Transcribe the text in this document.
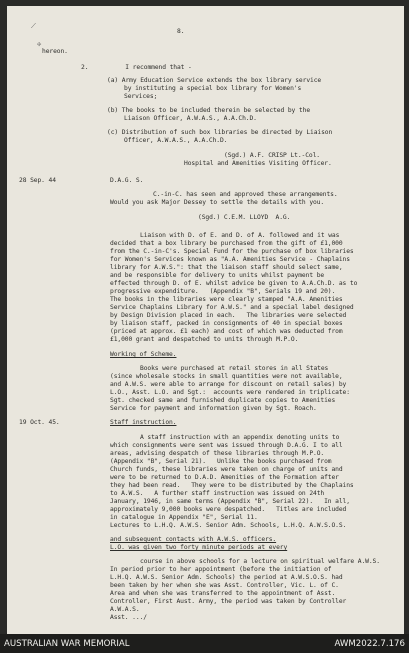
⟋
✢
8.
hereon.
2.          I recommend that -
(a) Army Education Service extends the box library service
by instituting a special box library for Women's
Services;
(b) The books to be included therein be selected by the
Liaison Officer, A.W.A.S., A.A.Ch.D.
(c) Distribution of such box libraries be directed by Liaison
Officer, A.W.A.S., A.A.Ch.D.
(Sgd.) A.F. CRISP Lt.-Col.
Hospital and Amenities Visiting Officer.
28 Sep. 44	D.A.G. S.
C.-in-C. has seen and approved these arrangements.
Would you ask Major Dessey to settle the details with you.
(Sgd.) C.E.M. LLOYD  A.G.
Liaison with D. of E. and D. of A. followed and it was
decided that a box library be purchased from the gift of £1,000
from the C.-in-C's. Special Fund for the purchase of box libraries
for Women's Services known as "A.A. Amenities Service - Chaplains
library for A.W.S.": that the liaison staff should select same,
and be responsible for delivery to units whilst payment be
effected through D. of E. whilst advice be given to A.A.Ch.D. as to
progressive expenditure.   (Appendix "B", Serials 19 and 20).
The books in the libraries were clearly stamped "A.A. Amenities
Service Chaplains Library for A.W.S." and a special label designed
by Design Division placed in each.   The libraries were selected
by liaison staff, packed in consignments of 40 in special boxes
(priced at approx. £1 each) and cost of which was deducted from
£1,000 grant and despatched to units through M.P.O.
Working of Scheme.
Books were purchased at retail stores in all States
(since wholesale stocks in small quantities were not available,
and A.W.S. were able to arrange for discount on retail sales) by
L.O., Asst. L.O. and Sgt.:  accounts were rendered in triplicate:
Sgt. checked same and furnished duplicate copies to Amenities
Service for payment and information given by Sgt. Roach.
19 Oct. 45.	Staff instruction.
A staff instruction with an appendix denoting units to
which consignments were sent was issued through D.A.G. I to all
areas, advising despatch of these libraries through M.P.O.
(Appendix "B", Serial 21).   Unlike the books purchased from
Church funds, these libraries were taken on charge of units and
were to be returned to D.A.D. Amenities of the Formation after
they had been read.   They were to be distributed by the Chaplains
to A.W.S.   A further staff instruction was issued on 24th
January, 1946, in same terms (Appendix "B", Serial 22).   In all,
approximately 9,000 books were despatched.   Titles are included
in catalogue in Appendix "E", Serial 11.
Lectures to L.H.Q. A.W.S. Senior Adm. Schools, L.H.Q. A.W.S.O.S.
and subsequent contacts with A.W.S. officers.
L.O. was given two forty minute periods at every
course in above schools for a lecture on spiritual welfare A.W.S.
In period prior to her appointment (before the initiation of
L.H.Q. A.W.S. Senior Adm. Schools) the period at A.W.S.O.S. had
been taken by her when she was Asst. Controller, Vic. L. of C.
Area and when she was transferred to the appointment of Asst.
Controller, First Aust. Army, the period was taken by Controller
A.W.A.S.
Asst. .../
AUSTRALIAN WAR MEMORIAL	AWM2022.7.176
